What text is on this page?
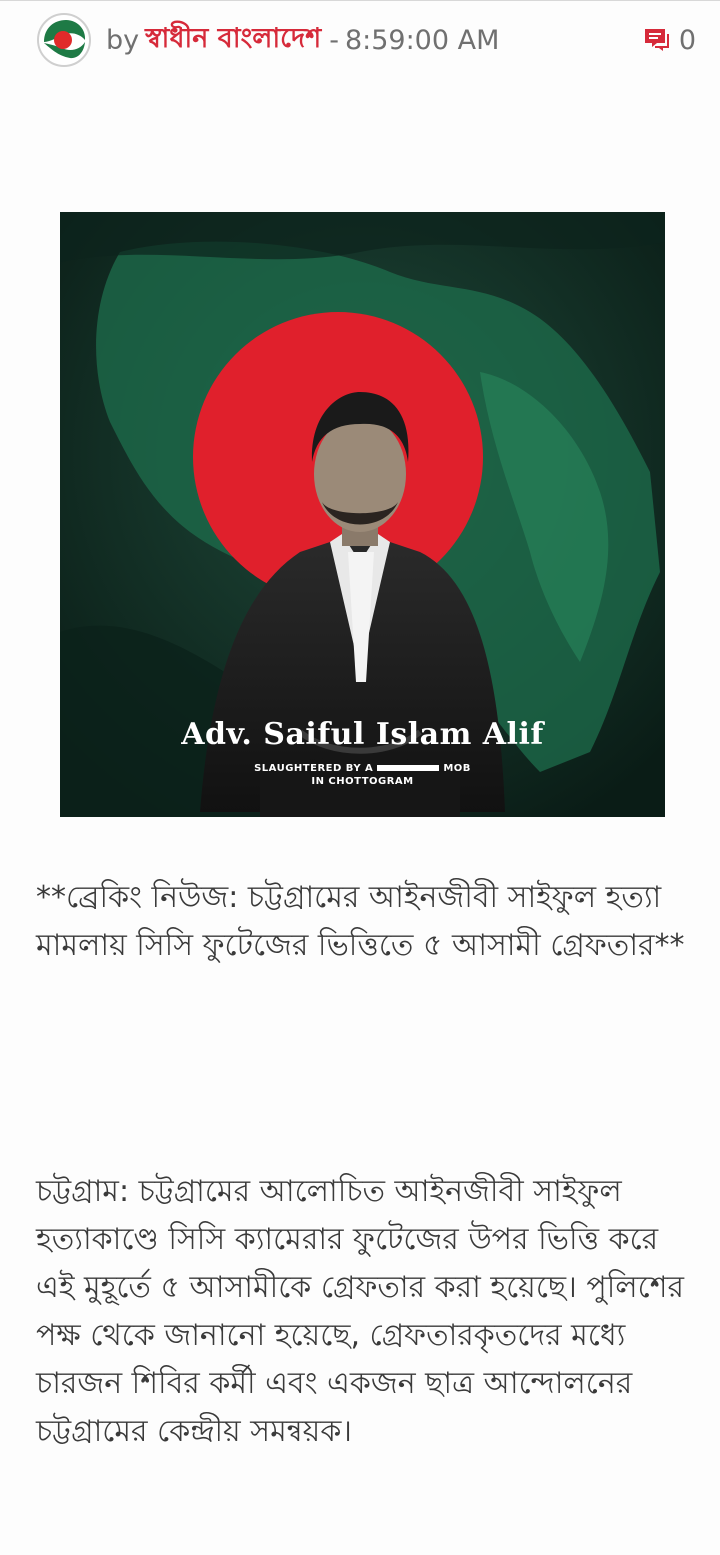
by স্বাধীন বাংলাদেশ - 8:59:00 AM	0
Adv. Saiful Islam Alif
SLAUGHTERED BY A	MOB
IN CHOTTOGRAM
**ব্রেকিং নিউজ: চট্টগ্রামের আইনজীবী সাইফুল হত্যা মামলায় সিসি ফুটেজের ভিত্তিতে ৫ আসামী গ্রেফতার**
চট্টগ্রাম: চট্টগ্রামের আলোচিত আইনজীবী সাইফুল হত্যাকাণ্ডে সিসি ক্যামেরার ফুটেজের উপর ভিত্তি করে এই মুহূর্তে ৫ আসামীকে গ্রেফতার করা হয়েছে। পুলিশের পক্ষ থেকে জানানো হয়েছে, গ্রেফতারকৃতদের মধ্যে চারজন শিবির কর্মী এবং একজন ছাত্র আন্দোলনের চট্টগ্রামের কেন্দ্রীয় সমন্বয়ক।
